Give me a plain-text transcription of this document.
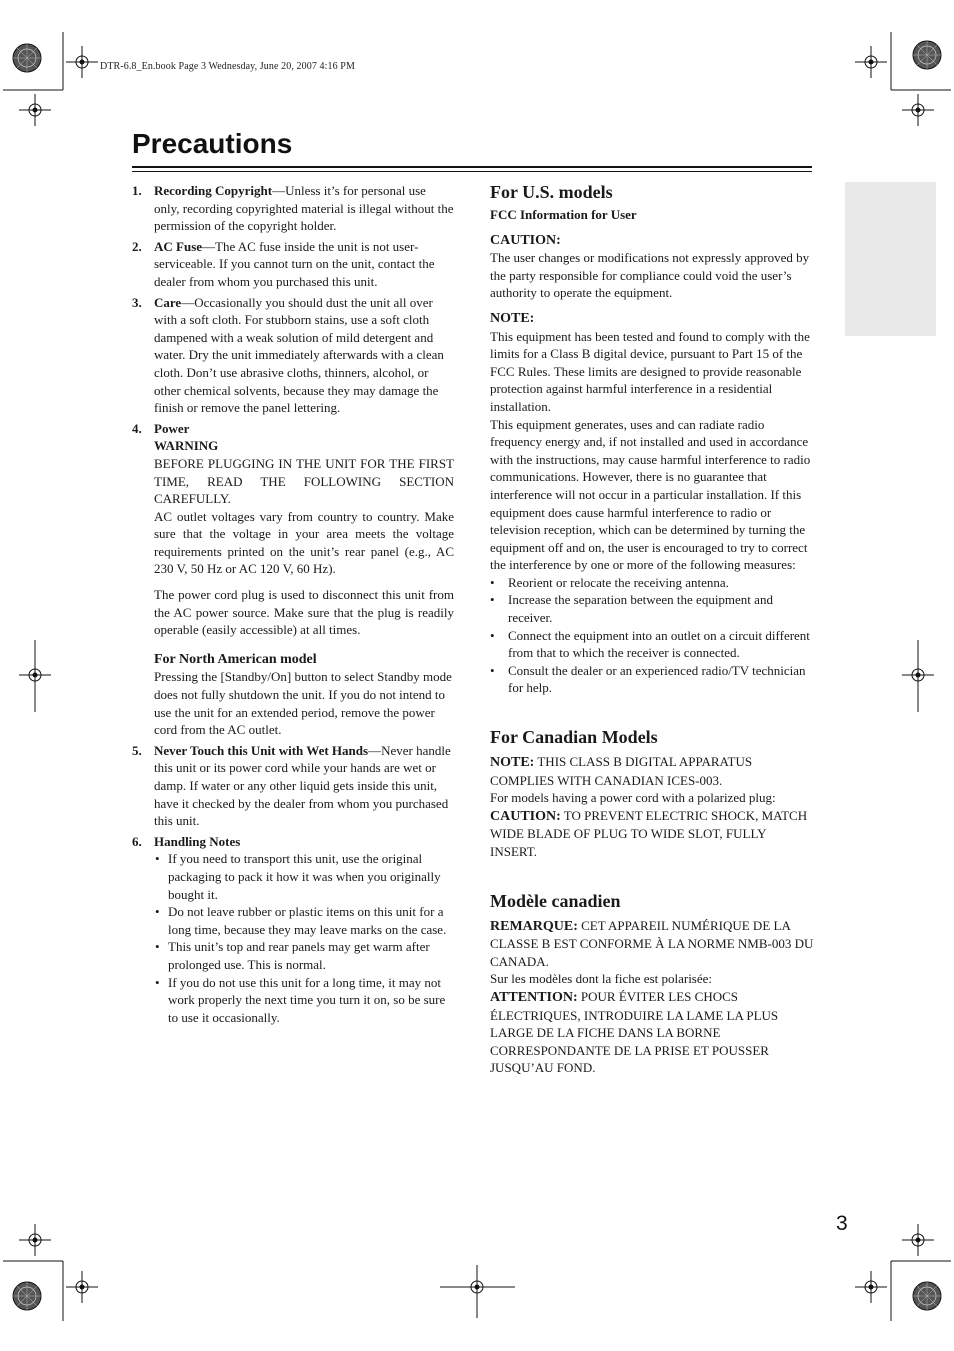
DTR-6.8_En.book Page 3 Wednesday, June 20, 2007 4:16 PM
Precautions
1. Recording Copyright—Unless it’s for personal use only, recording copyrighted material is illegal without the permission of the copyright holder.
2. AC Fuse—The AC fuse inside the unit is not user-serviceable. If you cannot turn on the unit, contact the dealer from whom you purchased this unit.
3. Care—Occasionally you should dust the unit all over with a soft cloth. For stubborn stains, use a soft cloth dampened with a weak solution of mild detergent and water. Dry the unit immediately afterwards with a clean cloth. Don’t use abrasive cloths, thinners, alcohol, or other chemical solvents, because they may damage the finish or remove the panel lettering.
4. Power
WARNING
BEFORE PLUGGING IN THE UNIT FOR THE FIRST TIME, READ THE FOLLOWING SECTION CAREFULLY.
AC outlet voltages vary from country to country. Make sure that the voltage in your area meets the voltage requirements printed on the unit’s rear panel (e.g., AC 230 V, 50 Hz or AC 120 V, 60 Hz).
The power cord plug is used to disconnect this unit from the AC power source. Make sure that the plug is readily operable (easily accessible) at all times.
For North American model
Pressing the [Standby/On] button to select Standby mode does not fully shutdown the unit. If you do not intend to use the unit for an extended period, remove the power cord from the AC outlet.
5. Never Touch this Unit with Wet Hands—Never handle this unit or its power cord while your hands are wet or damp. If water or any other liquid gets inside this unit, have it checked by the dealer from whom you purchased this unit.
6. Handling Notes
• If you need to transport this unit, use the original packaging to pack it how it was when you originally bought it.
• Do not leave rubber or plastic items on this unit for a long time, because they may leave marks on the case.
• This unit’s top and rear panels may get warm after prolonged use. This is normal.
• If you do not use this unit for a long time, it may not work properly the next time you turn it on, so be sure to use it occasionally.
For U.S. models
FCC Information for User
CAUTION:

The user changes or modifications not expressly approved by the party responsible for compliance could void the user’s authority to operate the equipment.

NOTE:

This equipment has been tested and found to comply with the limits for a Class B digital device, pursuant to Part 15 of the FCC Rules. These limits are designed to provide reasonable protection against harmful interference in a residential installation.

This equipment generates, uses and can radiate radio frequency energy and, if not installed and used in accordance with the instructions, may cause harmful interference to radio communications. However, there is no guarantee that interference will not occur in a particular installation. If this equipment does cause harmful interference to radio or television reception, which can be determined by turning the equipment off and on, the user is encouraged to try to correct the interference by one or more of the following measures:

• Reorient or relocate the receiving antenna.
• Increase the separation between the equipment and receiver.
• Connect the equipment into an outlet on a circuit different from that to which the receiver is connected.
• Consult the dealer or an experienced radio/TV technician for help.
For Canadian Models

NOTE: THIS CLASS B DIGITAL APPARATUS COMPLIES WITH CANADIAN ICES-003.

For models having a power cord with a polarized plug:

CAUTION: TO PREVENT ELECTRIC SHOCK, MATCH WIDE BLADE OF PLUG TO WIDE SLOT, FULLY INSERT.

Modèle canadien

REMARQUE: CET APPAREIL NUMÉRIQUE DE LA CLASSE B EST CONFORME À LA NORME NMB-003 DU CANADA.

Sur les modèles dont la fiche est polarisée:

ATTENTION: POUR ÉVITER LES CHOCS ÉLECTRIQUES, INTRODUIRE LA LAME LA PLUS LARGE DE LA FICHE DANS LA BORNE CORRESPONDANTE DE LA PRISE ET POUSSER JUSQU’AU FOND.

3
